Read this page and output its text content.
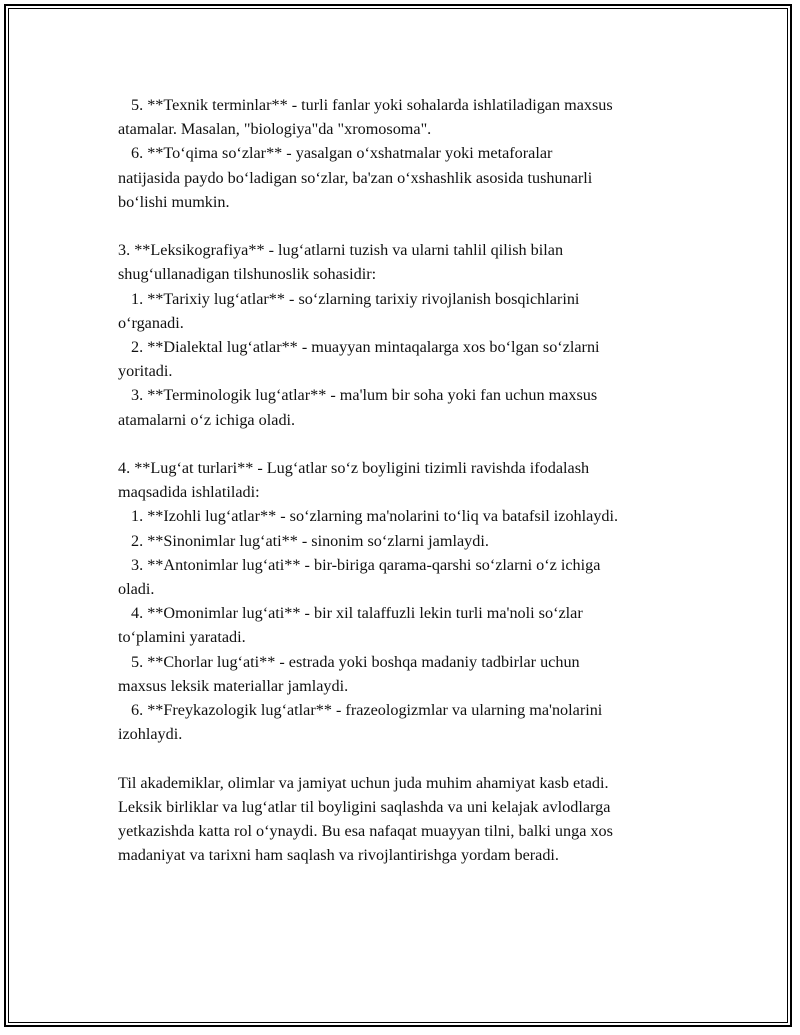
5. **Texnik terminlar** - turli fanlar yoki sohalarda ishlatiladigan maxsus
atamalar. Masalan, "biologiya"da "xromosoma".
6. **To‘qima so‘zlar** - yasalgan o‘xshatmalar yoki metaforalar
natijasida paydo bo‘ladigan so‘zlar, ba'zan o‘xshashlik asosida tushunarli
bo‘lishi mumkin.
3. **Leksikografiya** - lug‘atlarni tuzish va ularni tahlil qilish bilan
shug‘ullanadigan tilshunoslik sohasidir:
1. **Tarixiy lug‘atlar** - so‘zlarning tarixiy rivojlanish bosqichlarini
o‘rganadi.
2. **Dialektal lug‘atlar** - muayyan mintaqalarga xos bo‘lgan so‘zlarni
yoritadi.
3. **Terminologik lug‘atlar** - ma'lum bir soha yoki fan uchun maxsus
atamalarni o‘z ichiga oladi.
4. **Lug‘at turlari** - Lug‘atlar so‘z boyligini tizimli ravishda ifodalash
maqsadida ishlatiladi:
1. **Izohli lug‘atlar** - so‘zlarning ma'nolarini to‘liq va batafsil izohlaydi.
2. **Sinonimlar lug‘ati** - sinonim so‘zlarni jamlaydi.
3. **Antonimlar lug‘ati** - bir-biriga qarama-qarshi so‘zlarni o‘z ichiga
oladi.
4. **Omonimlar lug‘ati** - bir xil talaffuzli lekin turli ma'noli so‘zlar
to‘plamini yaratadi.
5. **Chorlar lug‘ati** - estrada yoki boshqa madaniy tadbirlar uchun
maxsus leksik materiallar jamlaydi.
6. **Freykazologik lug‘atlar** - frazeologizmlar va ularning ma'nolarini
izohlaydi.
Til akademiklar, olimlar va jamiyat uchun juda muhim ahamiyat kasb etadi.
Leksik birliklar va lug‘atlar til boyligini saqlashda va uni kelajak avlodlarga
yetkazishda katta rol o‘ynaydi. Bu esa nafaqat muayyan tilni, balki unga xos
madaniyat va tarixni ham saqlash va rivojlantirishga yordam beradi.
